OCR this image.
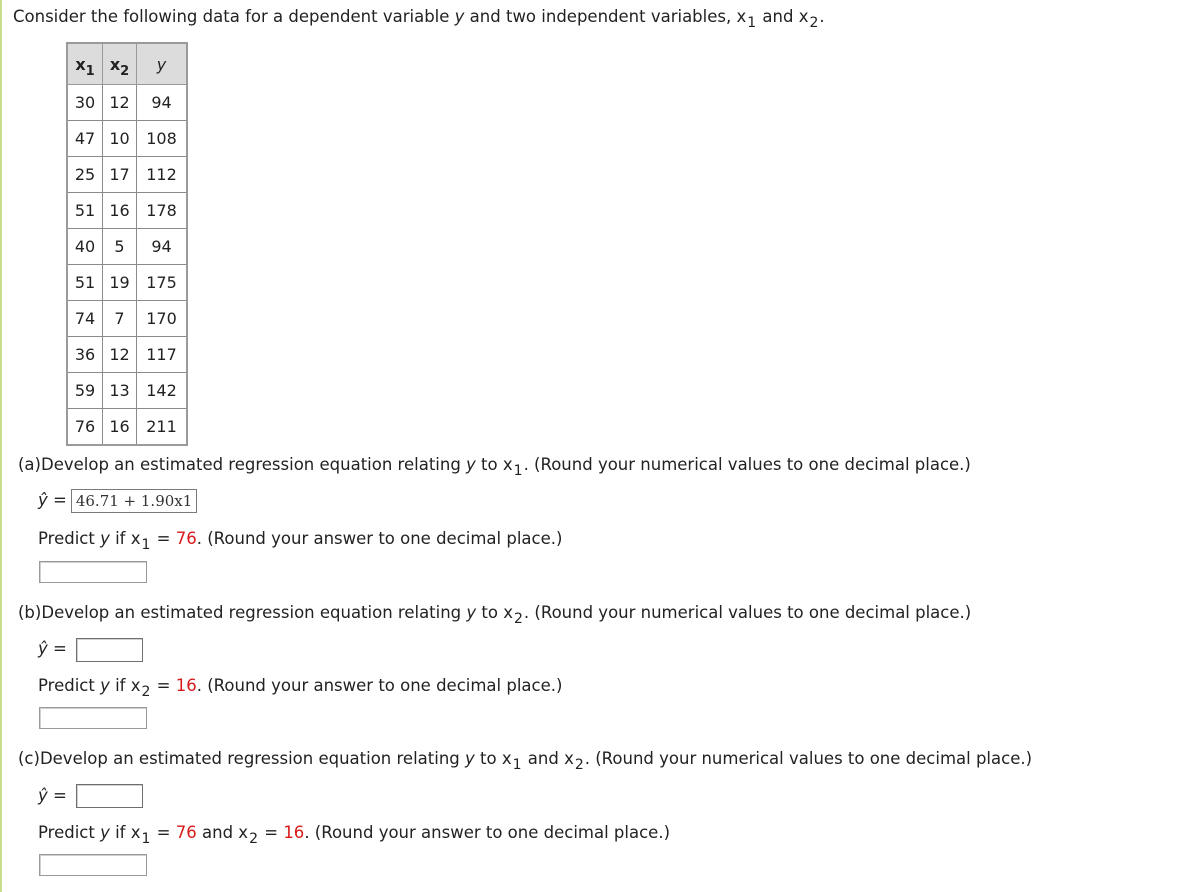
Consider the following data for a dependent variable y and two independent variables, $x_1$ and $x_2$.
$x_1$	$x_2$	y
30	12	94
47	10	108
25	17	112
51	16	178
40	5	94
51	19	175
74	7	170
36	12	117
59	13	142
76	16	211
(a)Develop an estimated regression equation relating y to $x_1$. (Round your numerical values to one decimal place.)
ŷ = 46.71 + 1.90x1
Predict y if $x_1 = 76$. (Round your answer to one decimal place.)
(b)Develop an estimated regression equation relating y to $x_2$. (Round your numerical values to one decimal place.)
ŷ =
Predict y if $x_2 = 16$. (Round your answer to one decimal place.)
(c)Develop an estimated regression equation relating y to $x_1$ and $x_2$. (Round your numerical values to one decimal place.)
ŷ =
Predict y if $x_1 = 76$ and $x_2 = 16$. (Round your answer to one decimal place.)
